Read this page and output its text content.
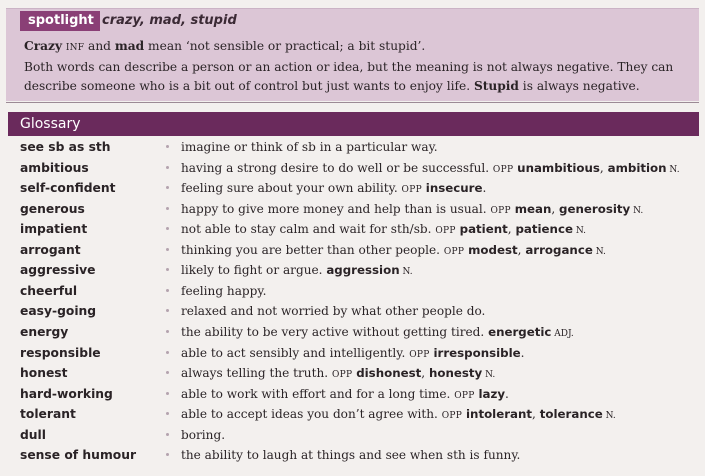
spotlight crazy, mad, stupid
Crazy INF and mad mean ‘not sensible or practical; a bit stupid’.
Both words can describe a person or an action or idea, but the meaning is not always negative. They can
describe someone who is a bit out of control but just wants to enjoy life. Stupid is always negative.
Glossary
see sb as sth	imagine or think of sb in a particular way.
ambitious	having a strong desire to do well or be successful. OPP unambitious, ambition N.
self-confident	feeling sure about your own ability. OPP insecure.
generous	happy to give more money and help than is usual. OPP mean, generosity N.
impatient	not able to stay calm and wait for sth/sb. OPP patient, patience N.
arrogant	thinking you are better than other people. OPP modest, arrogance N.
aggressive	likely to fight or argue. aggression N.
cheerful	feeling happy.
easy-going	relaxed and not worried by what other people do.
energy	the ability to be very active without getting tired. energetic ADJ.
responsible	able to act sensibly and intelligently. OPP irresponsible.
honest	always telling the truth. OPP dishonest, honesty N.
hard-working	able to work with effort and for a long time. OPP lazy.
tolerant	able to accept ideas you don’t agree with. OPP intolerant, tolerance N.
dull	boring.
sense of humour	the ability to laugh at things and see when sth is funny.
